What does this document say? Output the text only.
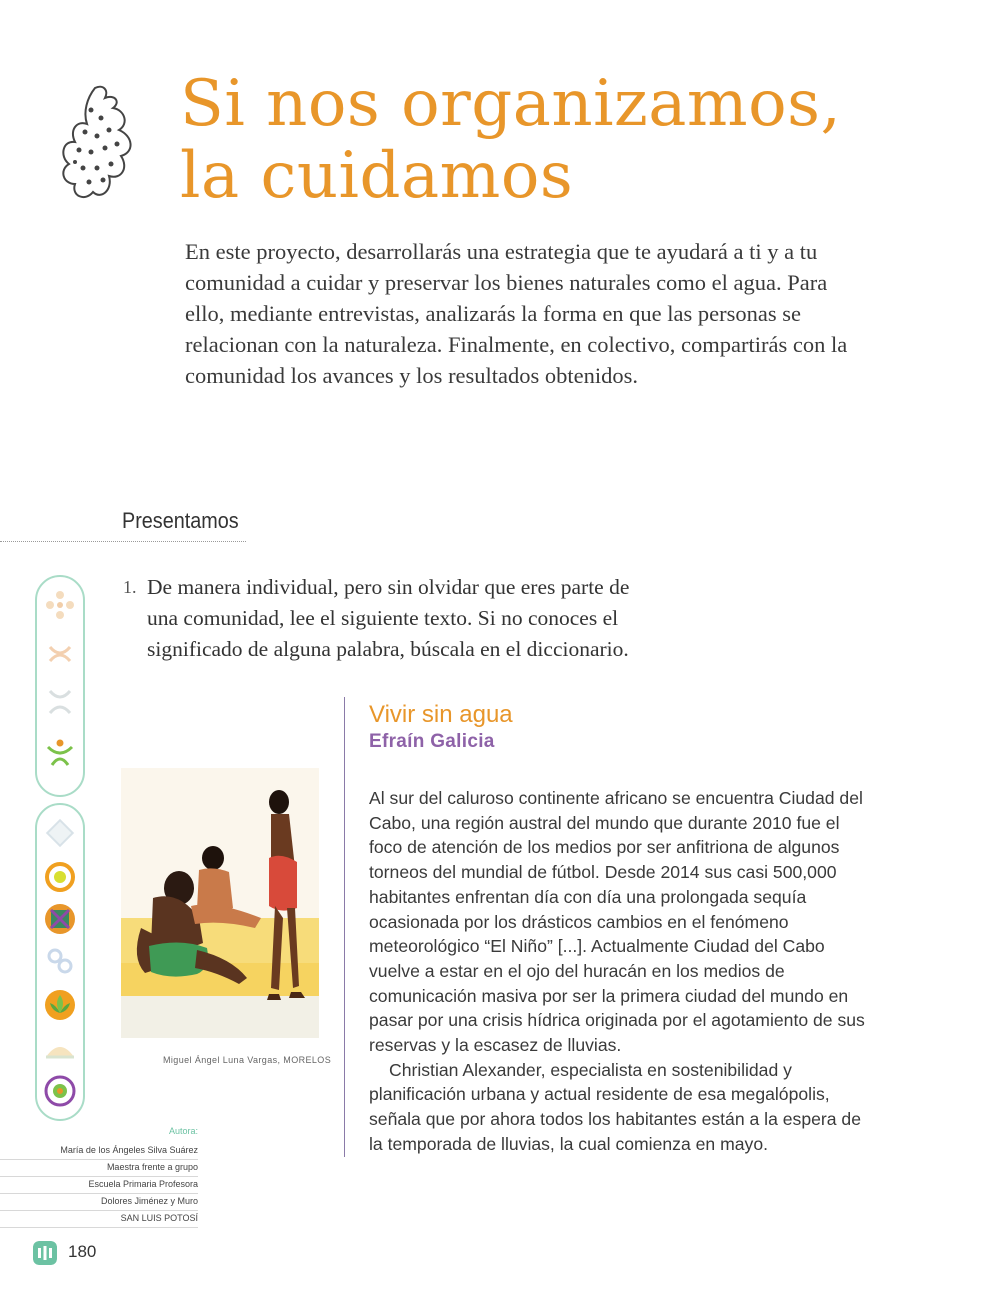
Si nos organizamos,
la cuidamos
En este proyecto, desarrollarás una estrategia que te ayudará a ti y a tu comunidad a cuidar y preservar los bienes naturales como el agua. Para ello, mediante entrevistas, analizarás la forma en que las personas se relacionan con la naturaleza. Finalmente, en colectivo, compartirás con la comunidad los avances y los resultados obtenidos.
Presentamos
1. De manera individual, pero sin olvidar que eres parte de una comunidad, lee el siguiente texto. Si no conoces el significado de alguna palabra, búscala en el diccionario.
Miguel Ángel Luna Vargas, MORELOS
Vivir sin agua
Efraín Galicia

Al sur del caluroso continente africano se encuentra Ciudad del Cabo, una región austral del mundo que durante 2010 fue el foco de atención de los medios por ser anfitriona de algunos torneos del mundial de fútbol. Desde 2014 sus casi 500,000 habitantes enfrentan día con día una prolongada sequía ocasionada por los drásticos cambios en el fenómeno meteorológico “El Niño” [...]. Actualmente Ciudad del Cabo vuelve a estar en el ojo del huracán en los medios de comunicación masiva por ser la primera ciudad del mundo en pasar por una crisis hídrica originada por el agotamiento de sus reservas y la escasez de lluvias.

Christian Alexander, especialista en sostenibilidad y planificación urbana y actual residente de esa megalópolis, señala que por ahora todos los habitantes están a la espera de la temporada de lluvias, la cual comienza en mayo.

Autora:
María de los Ángeles Silva Suárez
Maestra frente a grupo
Escuela Primaria Profesora
Dolores Jiménez y Muro
SAN LUIS POTOSÍ
180
